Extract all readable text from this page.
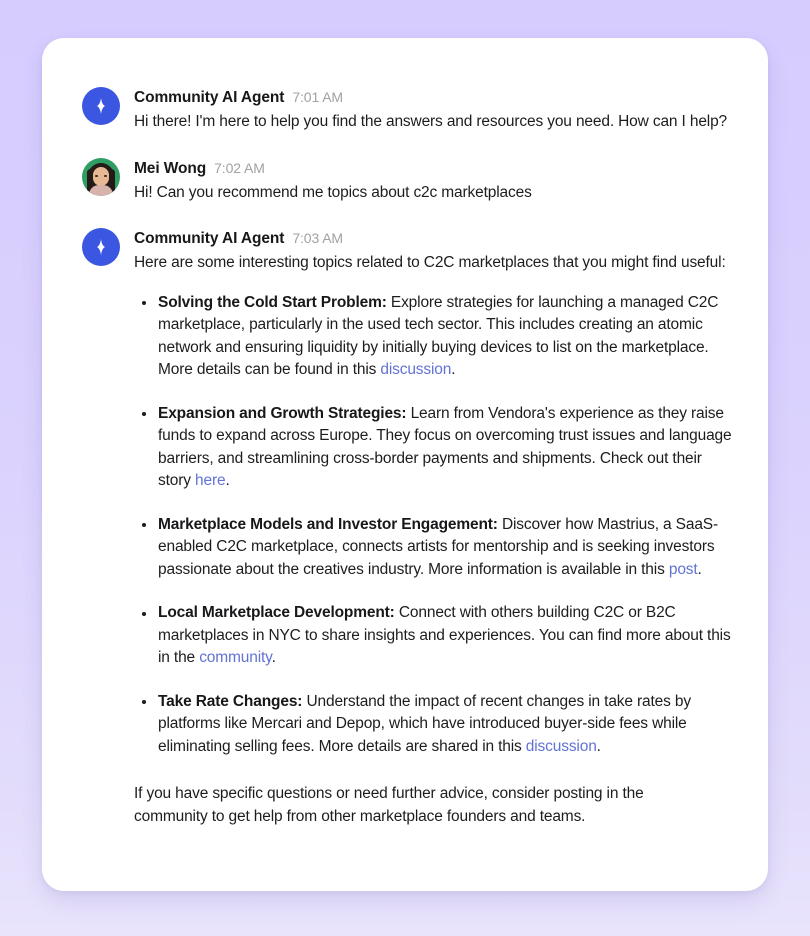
Community AI Agent 7:01 AM
Hi there! I'm here to help you find the answers and resources you need. How can I help?
Mei Wong 7:02 AM
Hi! Can you recommend me topics about c2c marketplaces
Community AI Agent 7:03 AM
Here are some interesting topics related to C2C marketplaces that you might find useful:
Solving the Cold Start Problem: Explore strategies for launching a managed C2C marketplace, particularly in the used tech sector. This includes creating an atomic network and ensuring liquidity by initially buying devices to list on the marketplace. More details can be found in this discussion.
Expansion and Growth Strategies: Learn from Vendora's experience as they raise funds to expand across Europe. They focus on overcoming trust issues and language barriers, and streamlining cross-border payments and shipments. Check out their story here.
Marketplace Models and Investor Engagement: Discover how Mastrius, a SaaS-enabled C2C marketplace, connects artists for mentorship and is seeking investors passionate about the creatives industry. More information is available in this post.
Local Marketplace Development: Connect with others building C2C or B2C marketplaces in NYC to share insights and experiences. You can find more about this in the community.
Take Rate Changes: Understand the impact of recent changes in take rates by platforms like Mercari and Depop, which have introduced buyer-side fees while eliminating selling fees. More details are shared in this discussion.
If you have specific questions or need further advice, consider posting in the community to get help from other marketplace founders and teams.
